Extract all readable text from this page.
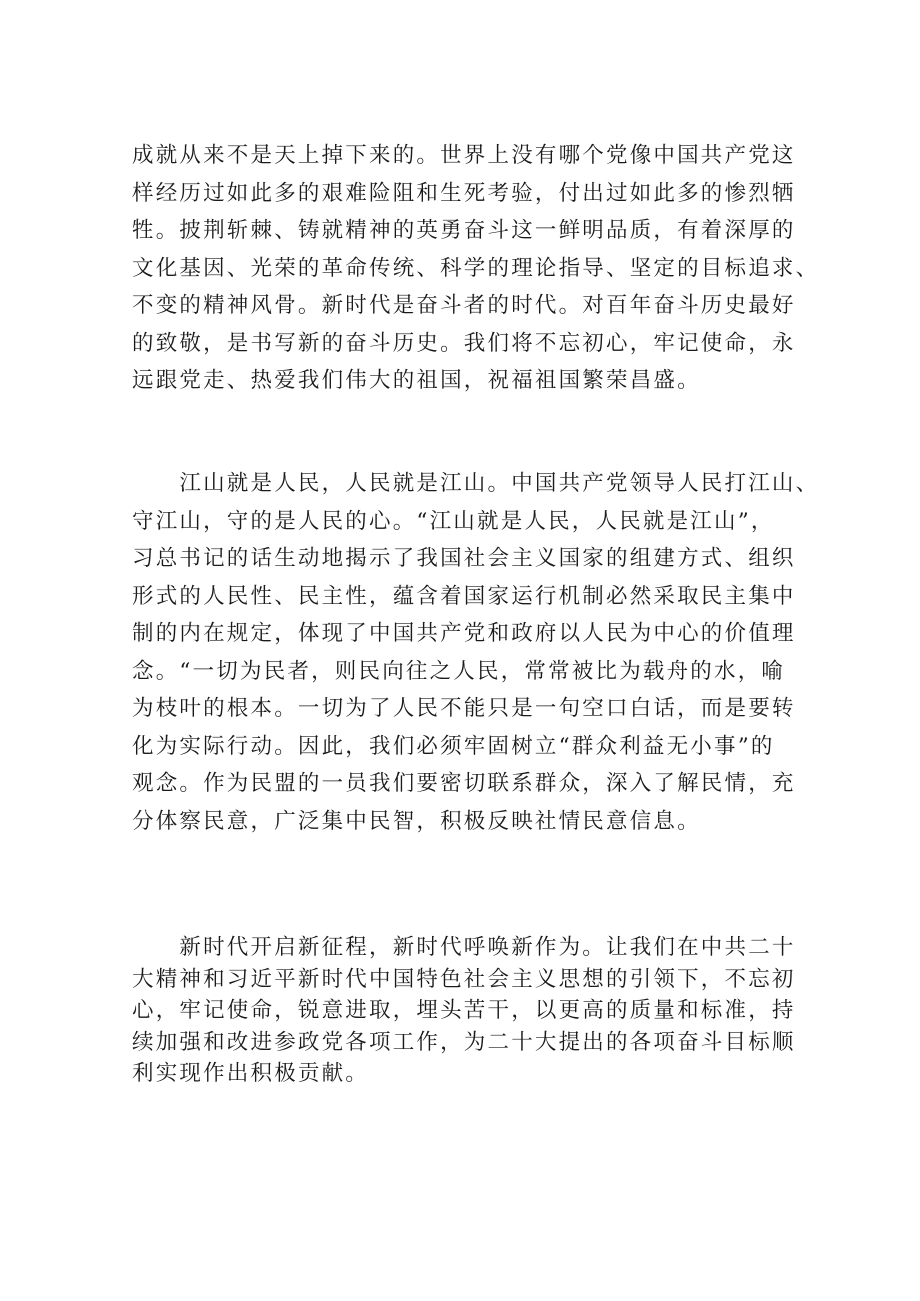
成就从来不是天上掉下来的。世界上没有哪个党像中国共产党这
样经历过如此多的艰难险阻和生死考验，付出过如此多的惨烈牺
牲。披荆斩棘、铸就精神的英勇奋斗这一鲜明品质，有着深厚的
文化基因、光荣的革命传统、科学的理论指导、坚定的目标追求、
不变的精神风骨。新时代是奋斗者的时代。对百年奋斗历史最好
的致敬，是书写新的奋斗历史。我们将不忘初心，牢记使命，永
远跟党走、热爱我们伟大的祖国，祝福祖国繁荣昌盛。
　　江山就是人民，人民就是江山。中国共产党领导人民打江山、
守江山，守的是人民的心。“江山就是人民，人民就是江山”，
习总书记的话生动地揭示了我国社会主义国家的组建方式、组织
形式的人民性、民主性，蕴含着国家运行机制必然采取民主集中
制的内在规定，体现了中国共产党和政府以人民为中心的价值理
念。“一切为民者，则民向往之人民，常常被比为载舟的水，喻
为枝叶的根本。一切为了人民不能只是一句空口白话，而是要转
化为实际行动。因此，我们必须牢固树立“群众利益无小事”的
观念。作为民盟的一员我们要密切联系群众，深入了解民情，充
分体察民意，广泛集中民智，积极反映社情民意信息。
　　新时代开启新征程，新时代呼唤新作为。让我们在中共二十
大精神和习近平新时代中国特色社会主义思想的引领下，不忘初
心，牢记使命，锐意进取，埋头苦干，以更高的质量和标准，持
续加强和改进参政党各项工作，为二十大提出的各项奋斗目标顺
利实现作出积极贡献。
